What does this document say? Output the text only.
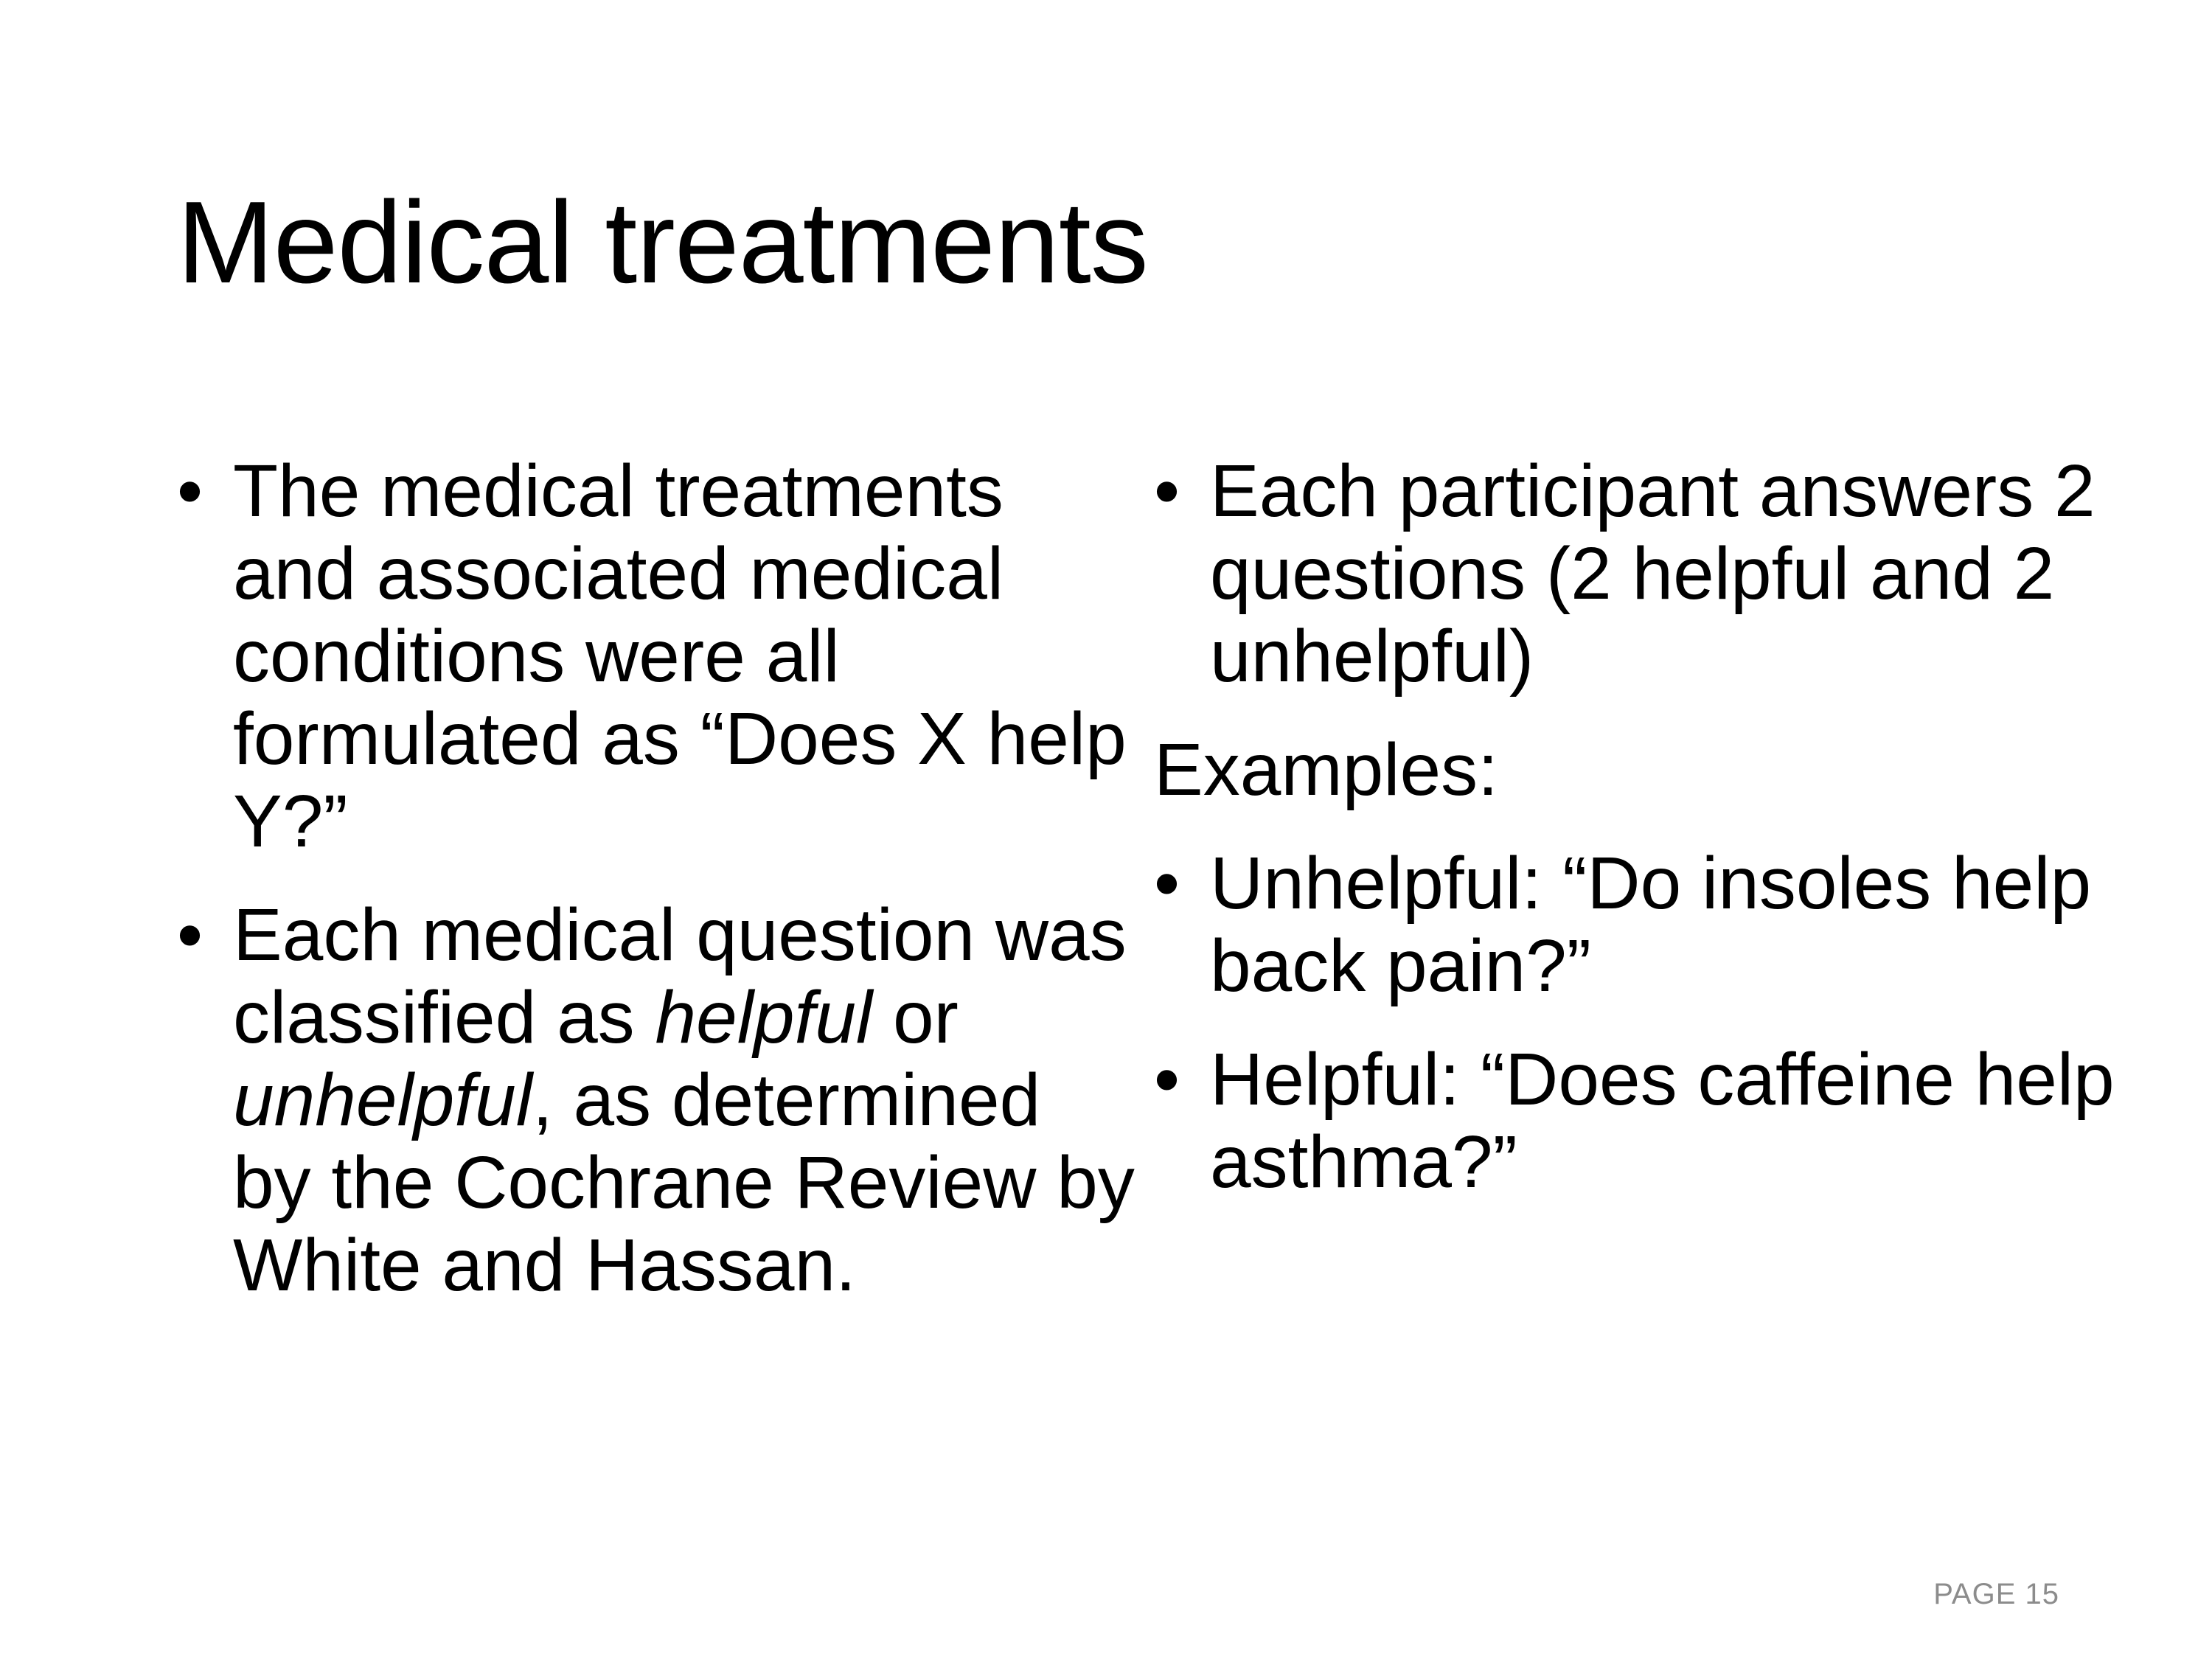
Medical treatments
• The medical treatments and associated medical conditions were all formulated as “Does X help Y?”
• Each medical question was classified as helpful or unhelpful, as determined by the Cochrane Review by White and Hassan.
• Each participant answers 2 questions (2 helpful and 2 unhelpful)
Examples:
• Unhelpful: “Do insoles help back pain?”
• Helpful: “Does caffeine help asthma?”
PAGE 15
